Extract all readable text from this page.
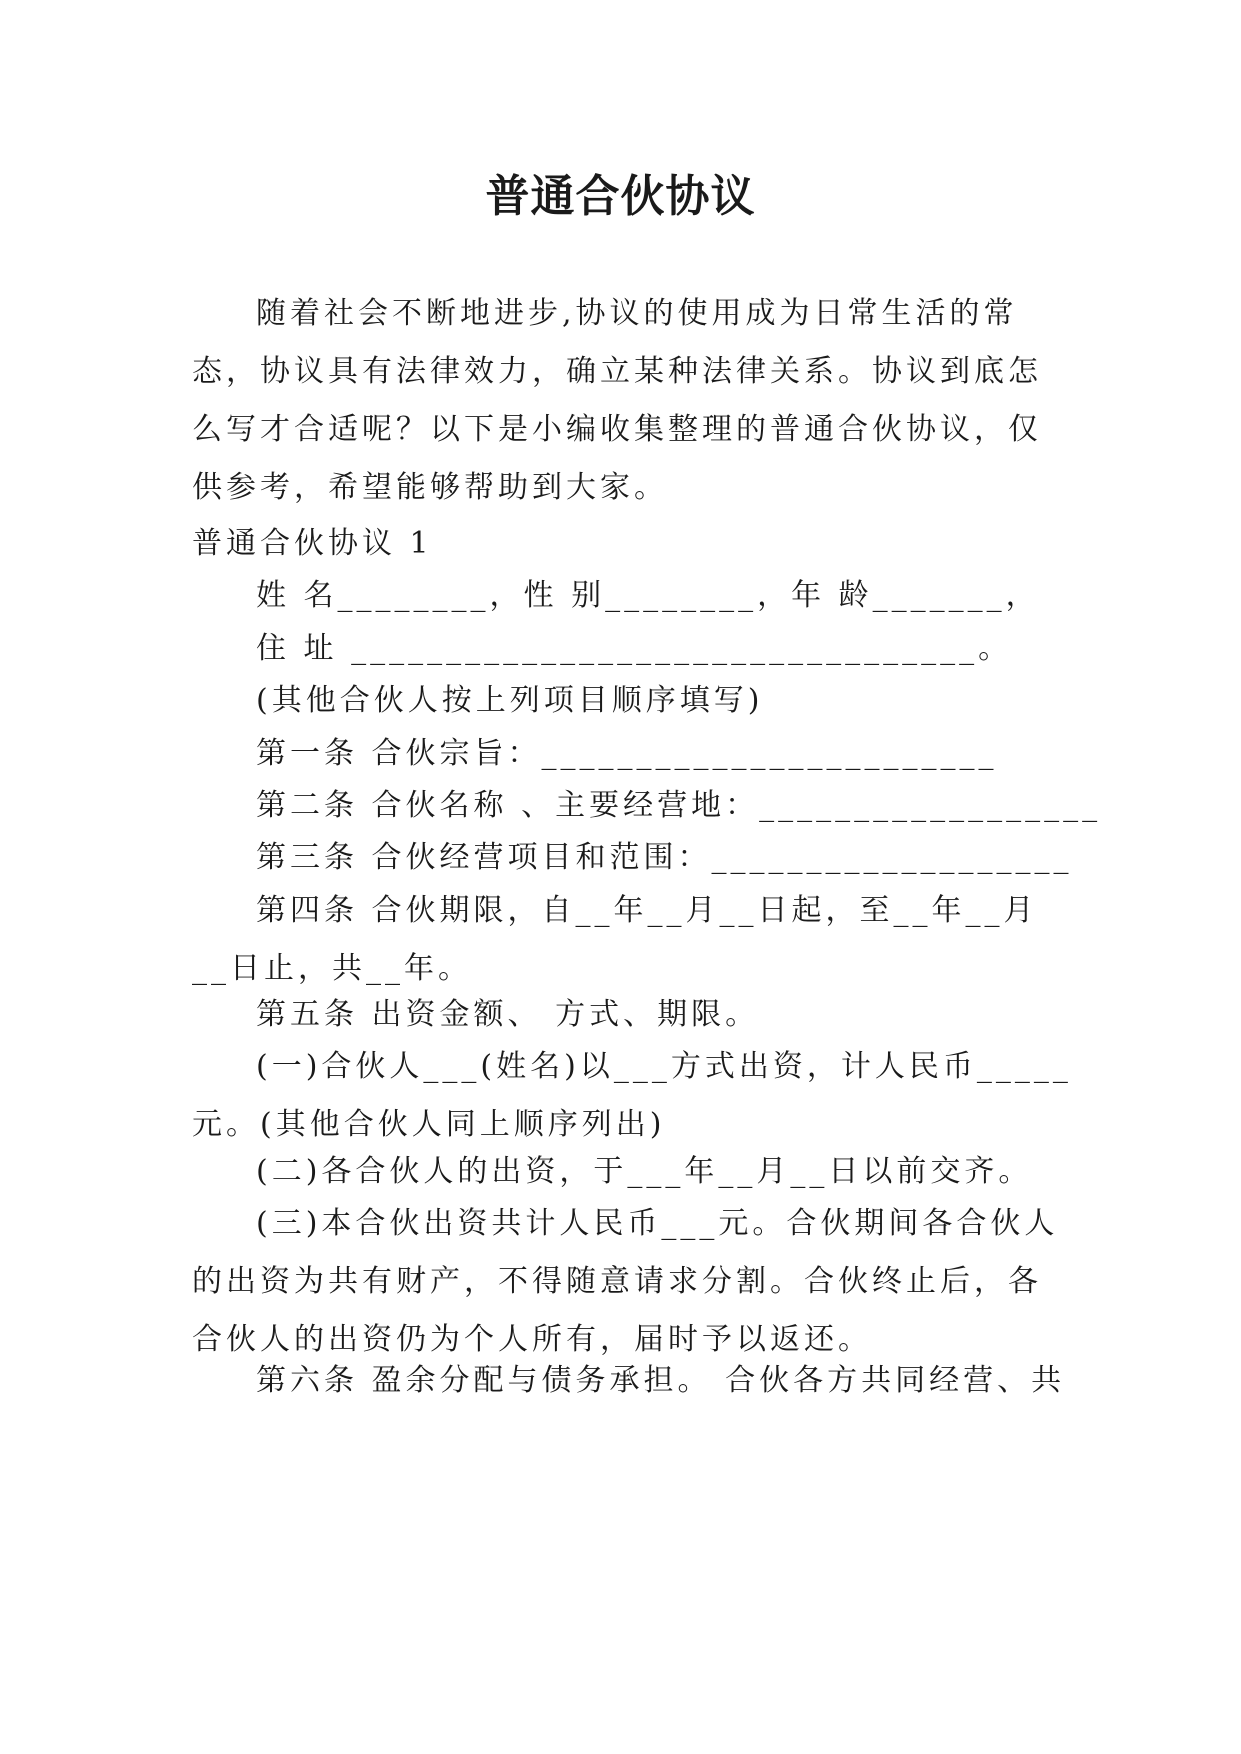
普通合伙协议

随着社会不断地进步,协议的使用成为日常生活的常态，协议具有法律效力，确立某种法律关系。协议到底怎么写才合适呢？以下是小编收集整理的普通合伙协议，仅供参考，希望能够帮助到大家。

普通合伙协议 1

姓 名________，性 别________，年 龄_______，

住 址 _________________________________。

(其他合伙人按上列项目顺序填写)

第一条 合伙宗旨：________________________

第二条 合伙名称 、主要经营地：__________________

第三条 合伙经营项目和范围：___________________

第四条 合伙期限，自__年__月__日起，至__年__月__日止，共__年。

第五条 出资金额、 方式、期限。

(一)合伙人___(姓名)以___方式出资，计人民币_____元。(其他合伙人同上顺序列出)

(二)各合伙人的出资，于___年__月__日以前交齐。

(三)本合伙出资共计人民币___元。合伙期间各合伙人的出资为共有财产，不得随意请求分割。合伙终止后，各合伙人的出资仍为个人所有，届时予以返还。

第六条 盈余分配与债务承担。 合伙各方共同经营、共
